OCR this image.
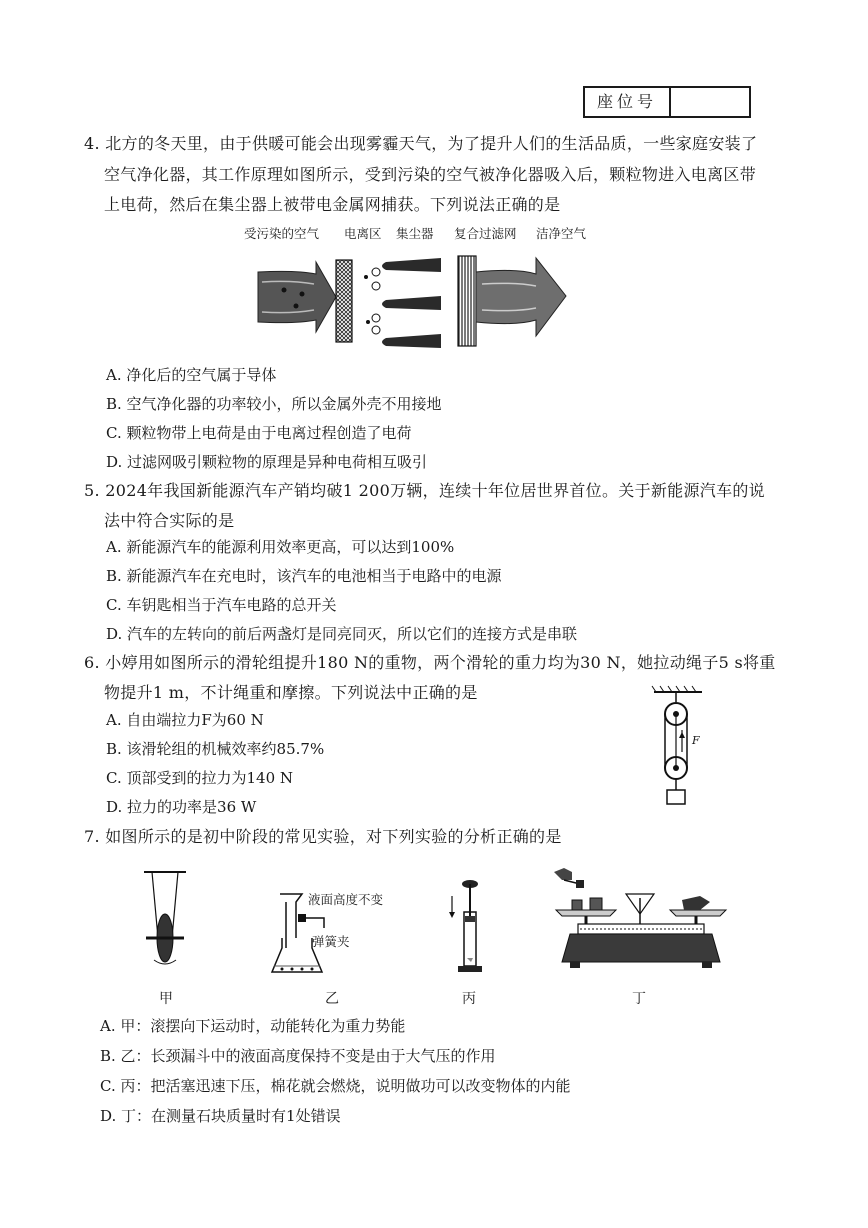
座位号
4. 北方的冬天里，由于供暖可能会出现雾霾天气，为了提升人们的生活品质，一些家庭安装了
空气净化器，其工作原理如图所示，受到污染的空气被净化器吸入后，颗粒物进入电离区带
上电荷，然后在集尘器上被带电金属网捕获。下列说法正确的是
受污染的空气 电离区 集尘器 复合过滤网 洁净空气
A. 净化后的空气属于导体
B. 空气净化器的功率较小，所以金属外壳不用接地
C. 颗粒物带上电荷是由于电离过程创造了电荷
D. 过滤网吸引颗粒物的原理是异种电荷相互吸引
5. 2024年我国新能源汽车产销均破1 200万辆，连续十年位居世界首位。关于新能源汽车的说
法中符合实际的是
A. 新能源汽车的能源利用效率更高，可以达到100%
B. 新能源汽车在充电时，该汽车的电池相当于电路中的电源
C. 车钥匙相当于汽车电路的总开关
D. 汽车的左转向的前后两盏灯是同亮同灭，所以它们的连接方式是串联
6. 小婷用如图所示的滑轮组提升180 N的重物，两个滑轮的重力均为30 N，她拉动绳子5 s将重
物提升1 m，不计绳重和摩擦。下列说法中正确的是
A. 自由端拉力F为60 N
B. 该滑轮组的机械效率约85.7%
C. 顶部受到的拉力为140 N
D. 拉力的功率是36 W
F
7. 如图所示的是初中阶段的常见实验，对下列实验的分析正确的是
甲
液面高度不变
弹簧夹
乙	丙	丁
A. 甲：滚摆向下运动时，动能转化为重力势能
B. 乙：长颈漏斗中的液面高度保持不变是由于大气压的作用
C. 丙：把活塞迅速下压，棉花就会燃烧，说明做功可以改变物体的内能
D. 丁：在测量石块质量时有1处错误
